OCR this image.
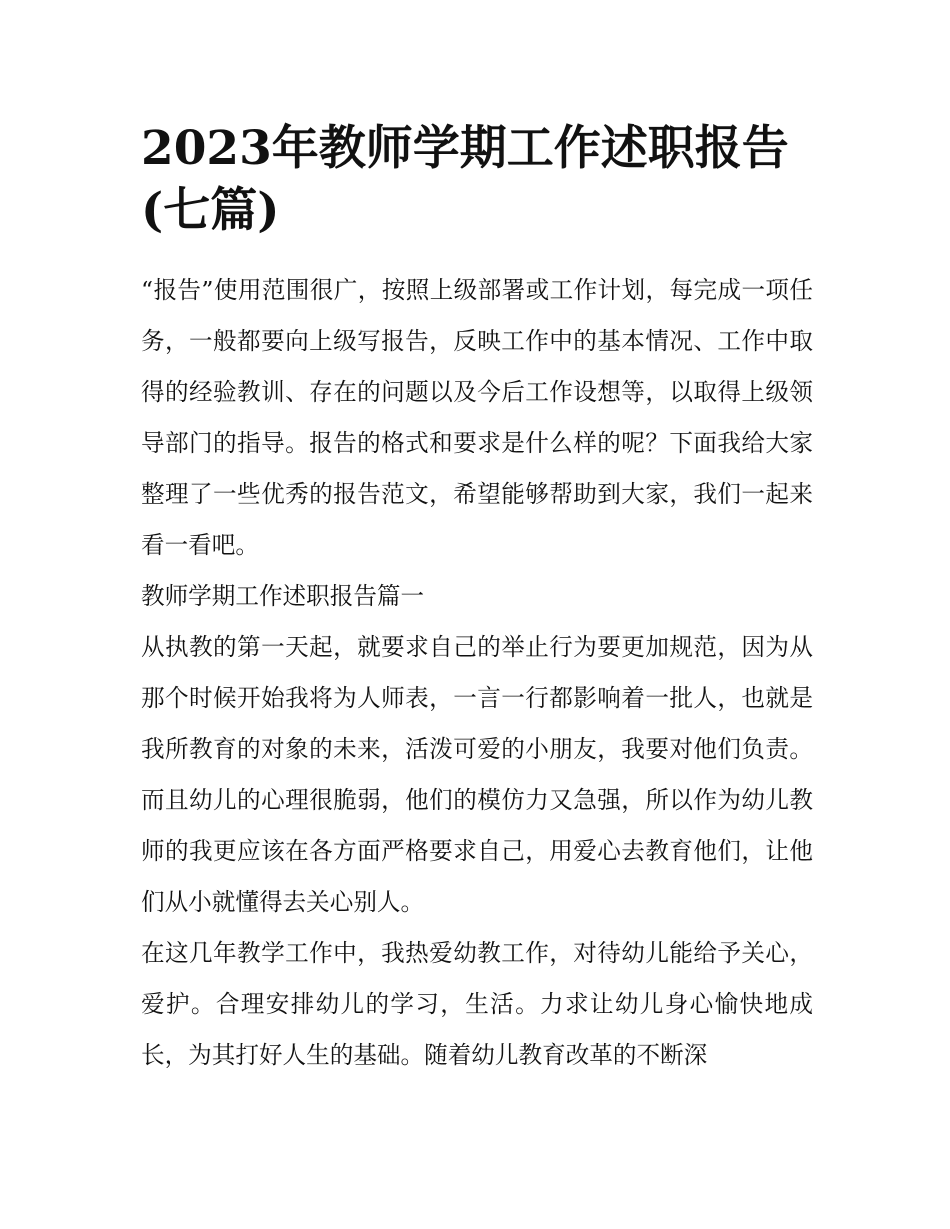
2023年教师学期工作述职报告(七篇)

“报告”使用范围很广，按照上级部署或工作计划，每完成一项任务，一般都要向上级写报告，反映工作中的基本情况、工作中取得的经验教训、存在的问题以及今后工作设想等，以取得上级领导部门的指导。报告的格式和要求是什么样的呢？下面我给大家整理了一些优秀的报告范文，希望能够帮助到大家，我们一起来看一看吧。

教师学期工作述职报告篇一

从执教的第一天起，就要求自己的举止行为要更加规范，因为从那个时候开始我将为人师表，一言一行都影响着一批人，也就是我所教育的对象的未来，活泼可爱的小朋友，我要对他们负责。而且幼儿的心理很脆弱，他们的模仿力又急强，所以作为幼儿教师的我更应该在各方面严格要求自己，用爱心去教育他们，让他们从小就懂得去关心别人。

在这几年教学工作中，我热爱幼教工作，对待幼儿能给予关心，爱护。合理安排幼儿的学习，生活。力求让幼儿身心愉快地成长，为其打好人生的基础。随着幼儿教育改革的不断深
